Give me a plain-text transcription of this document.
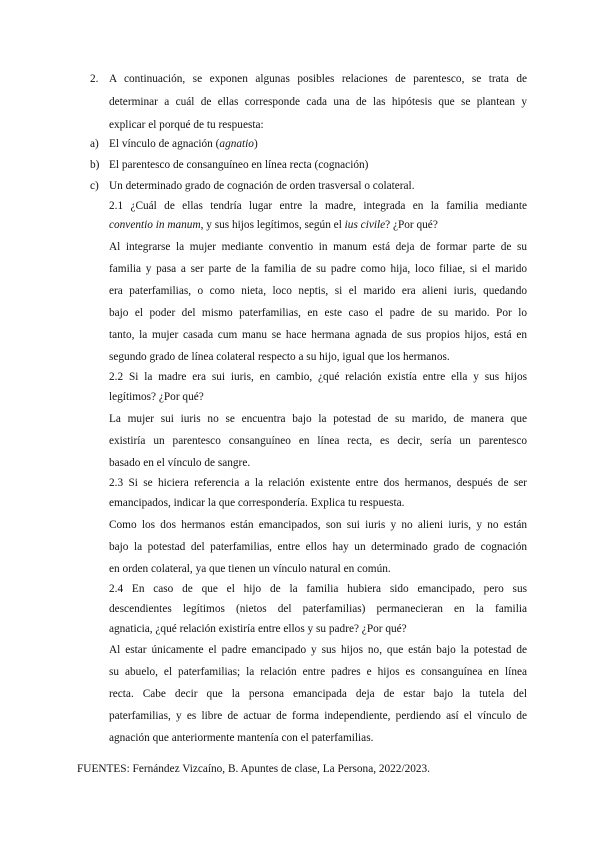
2. A continuación, se exponen algunas posibles relaciones de parentesco, se trata de
determinar a cuál de ellas corresponde cada una de las hipótesis que se plantean y
explicar el porqué de tu respuesta:
a) El vínculo de agnación (agnatio)
b) El parentesco de consanguíneo en línea recta (cognación)
c) Un determinado grado de cognación de orden trasversal o colateral.
2.1 ¿Cuál de ellas tendría lugar entre la madre, integrada en la familia mediante
conventio in manum, y sus hijos legítimos, según el ius civile? ¿Por qué?
Al integrarse la mujer mediante conventio in manum está deja de formar parte de su
familia y pasa a ser parte de la familia de su padre como hija, loco filiae, si el marido
era paterfamilias, o como nieta, loco neptis, si el marido era alieni iuris, quedando
bajo el poder del mismo paterfamilias, en este caso el padre de su marido. Por lo
tanto, la mujer casada cum manu se hace hermana agnada de sus propios hijos, está en
segundo grado de línea colateral respecto a su hijo, igual que los hermanos.
2.2 Si la madre era sui iuris, en cambio, ¿qué relación existía entre ella y sus hijos
legítimos? ¿Por qué?
La mujer sui iuris no se encuentra bajo la potestad de su marido, de manera que
existiría un parentesco consanguíneo en línea recta, es decir, sería un parentesco
basado en el vínculo de sangre.
2.3 Si se hiciera referencia a la relación existente entre dos hermanos, después de ser
emancipados, indicar la que correspondería. Explica tu respuesta.
Como los dos hermanos están emancipados, son sui iuris y no alieni iuris, y no están
bajo la potestad del paterfamilias, entre ellos hay un determinado grado de cognación
en orden colateral, ya que tienen un vínculo natural en común.
2.4 En caso de que el hijo de la familia hubiera sido emancipado, pero sus
descendientes legítimos (nietos del paterfamilias) permanecieran en la familia
agnaticia, ¿qué relación existiría entre ellos y su padre? ¿Por qué?
Al estar únicamente el padre emancipado y sus hijos no, que están bajo la potestad de
su abuelo, el paterfamilias; la relación entre padres e hijos es consanguínea en línea
recta. Cabe decir que la persona emancipada deja de estar bajo la tutela del
paterfamilias, y es libre de actuar de forma independiente, perdiendo así el vínculo de
agnación que anteriormente mantenía con el paterfamilias.
FUENTES: Fernández Vizcaíno, B. Apuntes de clase, La Persona, 2022/2023.
